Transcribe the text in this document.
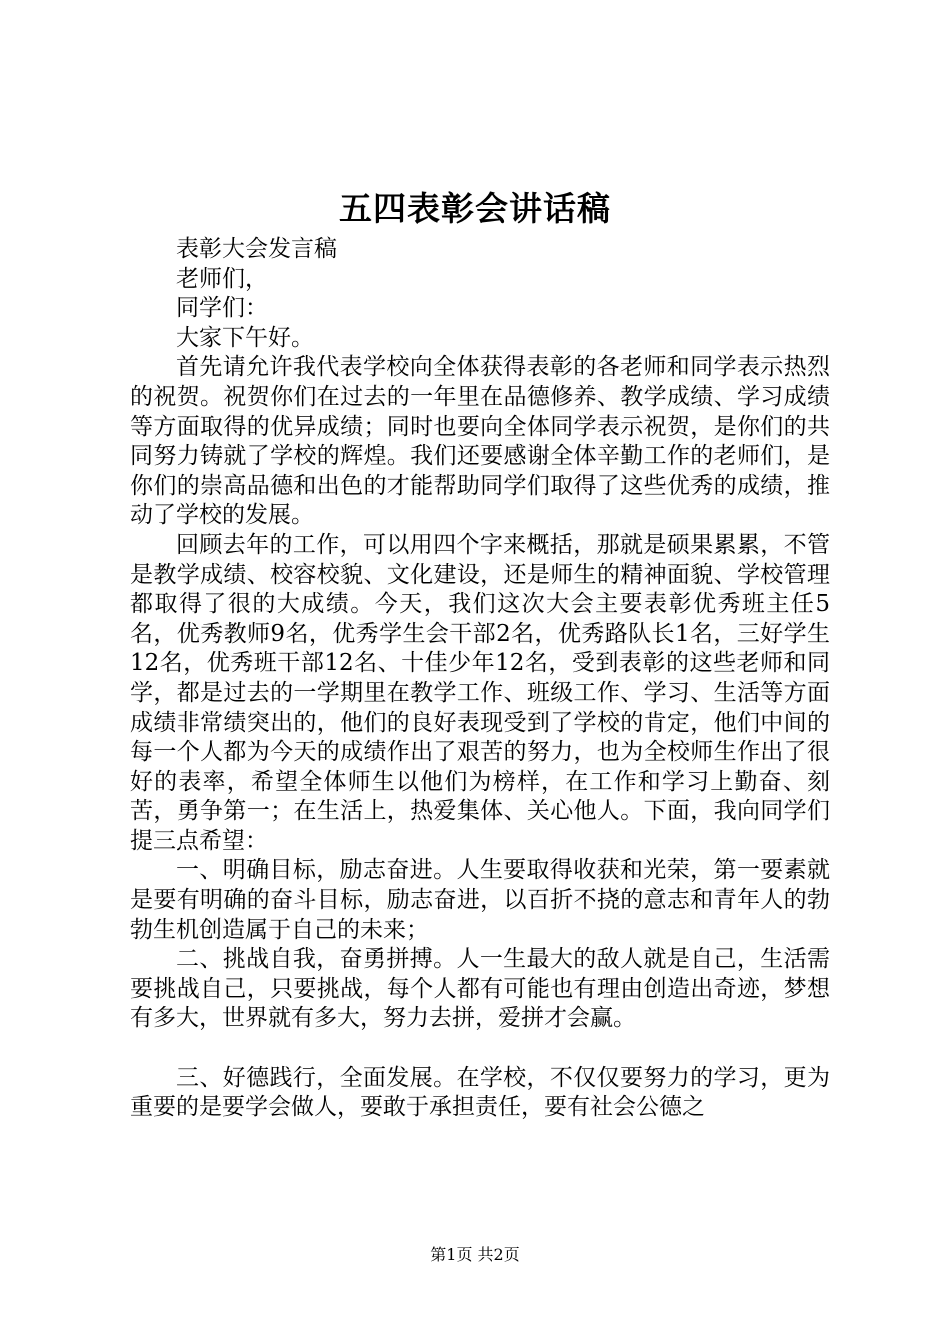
五四表彰会讲话稿

表彰大会发言稿

老师们，

同学们：

大家下午好。

首先请允许我代表学校向全体获得表彰的各老师和同学表示热烈的祝贺。祝贺你们在过去的一年里在品德修养、教学成绩、学习成绩等方面取得的优异成绩；同时也要向全体同学表示祝贺，是你们的共同努力铸就了学校的辉煌。我们还要感谢全体辛勤工作的老师们，是你们的崇高品德和出色的才能帮助同学们取得了这些优秀的成绩，推动了学校的发展。

回顾去年的工作，可以用四个字来概括，那就是硕果累累，不管是教学成绩、校容校貌、文化建设，还是师生的精神面貌、学校管理都取得了很的大成绩。今天，我们这次大会主要表彰优秀班主任5名，优秀教师9名，优秀学生会干部2名，优秀路队长1名，三好学生12名，优秀班干部12名、十佳少年12名，受到表彰的这些老师和同学，都是过去的一学期里在教学工作、班级工作、学习、生活等方面成绩非常绩突出的，他们的良好表现受到了学校的肯定，他们中间的每一个人都为今天的成绩作出了艰苦的努力，也为全校师生作出了很好的表率，希望全体师生以他们为榜样，在工作和学习上勤奋、刻苦，勇争第一；在生活上，热爱集体、关心他人。下面，我向同学们提三点希望：

一、明确目标，励志奋进。人生要取得收获和光荣，第一要素就是要有明确的奋斗目标，励志奋进，以百折不挠的意志和青年人的勃勃生机创造属于自己的未来；

二、挑战自我，奋勇拼搏。人一生最大的敌人就是自己，生活需要挑战自己，只要挑战，每个人都有可能也有理由创造出奇迹，梦想有多大，世界就有多大，努力去拼，爱拼才会赢。

三、好德践行，全面发展。在学校，不仅仅要努力的学习，更为重要的是要学会做人，要敢于承担责任，要有社会公德之

第1页 共2页
